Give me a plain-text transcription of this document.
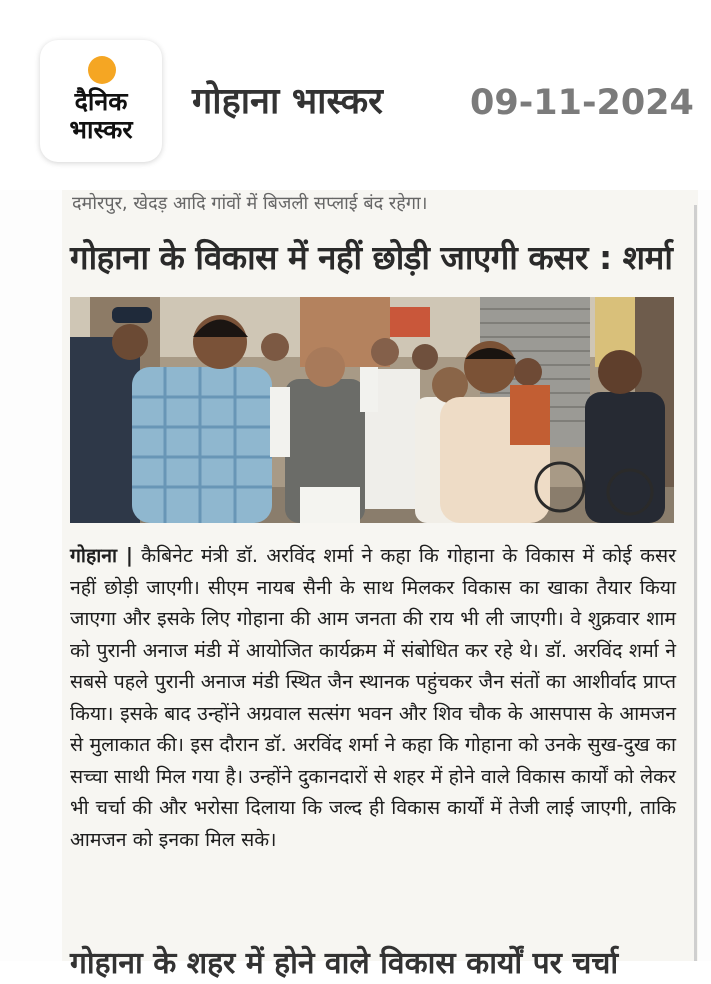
दैनिक
भास्कर
गोहाना भास्कर 09-11-2024
दमोरपुर, खेदड़ आदि गांवों में बिजली सप्लाई बंद रहेगा।
गोहाना के विकास में नहीं छोड़ी जाएगी कसर : शर्मा
गोहाना | कैबिनेट मंत्री डॉ. अरविंद शर्मा ने कहा कि गोहाना के विकास में कोई कसर नहीं छोड़ी जाएगी। सीएम नायब सैनी के साथ मिलकर विकास का खाका तैयार किया जाएगा और इसके लिए गोहाना की आम जनता की राय भी ली जाएगी। वे शुक्रवार शाम को पुरानी अनाज मंडी में आयोजित कार्यक्रम में संबोधित कर रहे थे। डॉ. अरविंद शर्मा ने सबसे पहले पुरानी अनाज मंडी स्थित जैन स्थानक पहुंचकर जैन संतों का आशीर्वाद प्राप्त किया। इसके बाद उन्होंने अग्रवाल सत्संग भवन और शिव चौक के आसपास के आमजन से मुलाकात की। इस दौरान डॉ. अरविंद शर्मा ने कहा कि गोहाना को उनके सुख-दुख का सच्चा साथी मिल गया है। उन्होंने दुकानदारों से शहर में होने वाले विकास कार्यों को लेकर भी चर्चा की और भरोसा दिलाया कि जल्द ही विकास कार्यों में तेजी लाई जाएगी, ताकि आमजन को इनका मिल सके।
गोहाना के शहर में होने वाले विकास कार्यों पर चर्चा
